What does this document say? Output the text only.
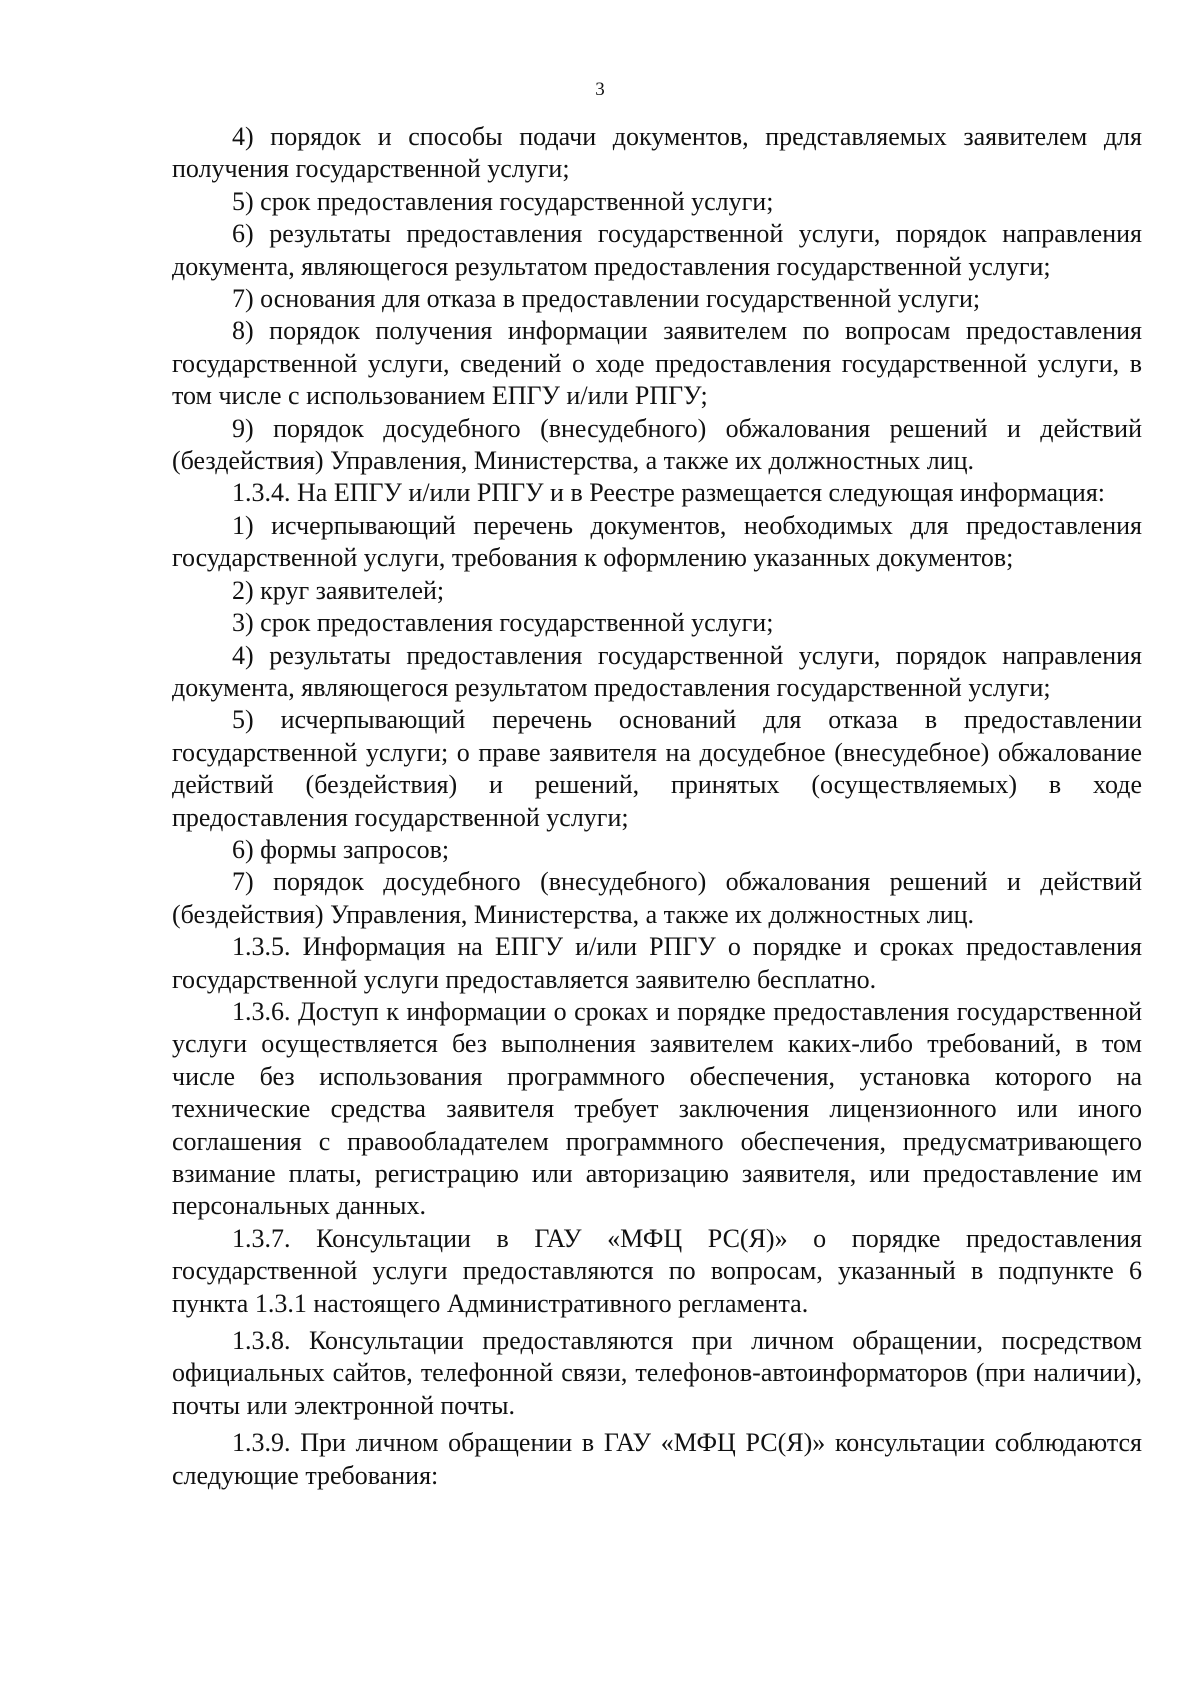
3

4) порядок и способы подачи документов, представляемых заявителем для получения государственной услуги;

5) срок предоставления государственной услуги;

6) результаты предоставления государственной услуги, порядок направления документа, являющегося результатом предоставления государственной услуги;

7) основания для отказа в предоставлении государственной услуги;

8) порядок получения информации заявителем по вопросам предоставления государственной услуги, сведений о ходе предоставления государственной услуги, в том числе с использованием ЕПГУ и/или РПГУ;

9) порядок досудебного (внесудебного) обжалования решений и действий (бездействия) Управления, Министерства, а также их должностных лиц.

1.3.4. На ЕПГУ и/или РПГУ и в Реестре размещается следующая информация:

1) исчерпывающий перечень документов, необходимых для предоставления государственной услуги, требования к оформлению указанных документов;

2) круг заявителей;

3) срок предоставления государственной услуги;

4) результаты предоставления государственной услуги, порядок направления документа, являющегося результатом предоставления государственной услуги;

5) исчерпывающий перечень оснований для отказа в предоставлении государственной услуги; о праве заявителя на досудебное (внесудебное) обжалование действий (бездействия) и решений, принятых (осуществляемых) в ходе предоставления государственной услуги;

6) формы запросов;

7) порядок досудебного (внесудебного) обжалования решений и действий (бездействия) Управления, Министерства, а также их должностных лиц.

1.3.5. Информация на ЕПГУ и/или РПГУ о порядке и сроках предоставления государственной услуги предоставляется заявителю бесплатно.

1.3.6. Доступ к информации о сроках и порядке предоставления государственной услуги осуществляется без выполнения заявителем каких-либо требований, в том числе без использования программного обеспечения, установка которого на технические средства заявителя требует заключения лицензионного или иного соглашения с правообладателем программного обеспечения, предусматривающего взимание платы, регистрацию или авторизацию заявителя, или предоставление им персональных данных.

1.3.7. Консультации в ГАУ «МФЦ РС(Я)» о порядке предоставления государственной услуги предоставляются по вопросам, указанный в подпункте 6 пункта 1.3.1 настоящего Административного регламента.

1.3.8. Консультации предоставляются при личном обращении, посредством официальных сайтов, телефонной связи, телефонов-автоинформаторов (при наличии), почты или электронной почты.

1.3.9. При личном обращении в ГАУ «МФЦ РС(Я)» консультации соблюдаются следующие требования:
